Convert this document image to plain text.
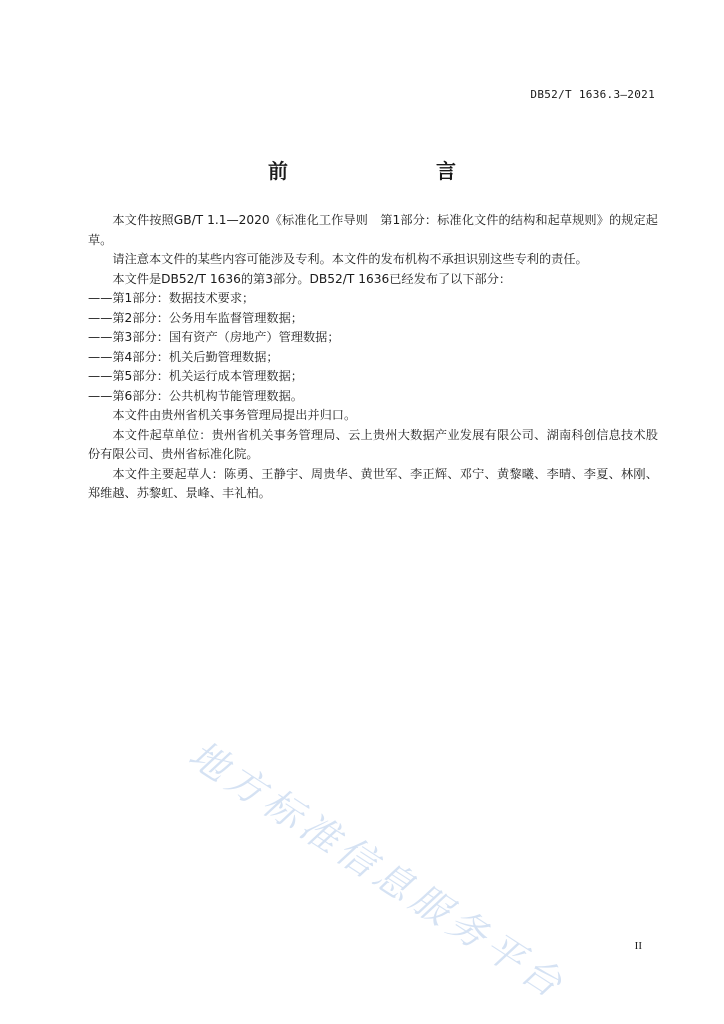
DB52/T 1636.3—2021
前　　言

本文件按照GB/T 1.1—2020《标准化工作导则　第1部分：标准化文件的结构和起草规则》的规定起草。

请注意本文件的某些内容可能涉及专利。本文件的发布机构不承担识别这些专利的责任。

本文件是DB52/T 1636的第3部分。DB52/T 1636已经发布了以下部分：

——第1部分：数据技术要求；

——第2部分：公务用车监督管理数据；

——第3部分：国有资产（房地产）管理数据；

——第4部分：机关后勤管理数据；

——第5部分：机关运行成本管理数据；

——第6部分：公共机构节能管理数据。

本文件由贵州省机关事务管理局提出并归口。

本文件起草单位：贵州省机关事务管理局、云上贵州大数据产业发展有限公司、湖南科创信息技术股份有限公司、贵州省标准化院。

本文件主要起草人：陈勇、王静宇、周贵华、黄世军、李正辉、邓宁、黄黎曦、李晴、李夏、林刚、郑维越、苏黎虹、景峰、丰礼柏。

地方标准信息服务平台	II
